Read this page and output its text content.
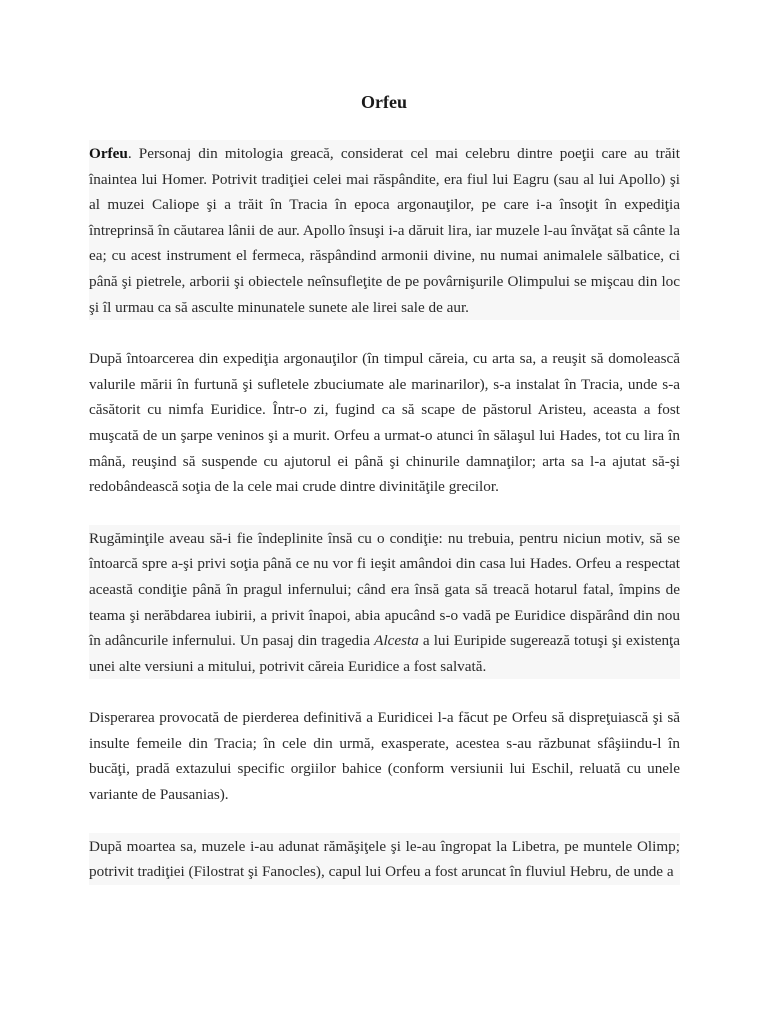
Orfeu

Orfeu. Personaj din mitologia greacă, considerat cel mai celebru dintre poeţii care au trăit înaintea lui Homer. Potrivit tradiţiei celei mai răspândite, era fiul lui Eagru (sau al lui Apollo) şi al muzei Caliope şi a trăit în Tracia în epoca argonauţilor, pe care i-a însoţit în expediţia întreprinsă în căutarea lânii de aur. Apollo însuşi i-a dăruit lira, iar muzele l-au învăţat să cânte la ea; cu acest instrument el fermeca, răspândind armonii divine, nu numai animalele sălbatice, ci până şi pietrele, arborii şi obiectele neînsufleţite de pe povârnişurile Olimpului se mişcau din loc şi îl urmau ca să asculte minunatele sunete ale lirei sale de aur.

După întoarcerea din expediţia argonauţilor (în timpul căreia, cu arta sa, a reuşit să domolească valurile mării în furtună şi sufletele zbuciumate ale marinarilor), s-a instalat în Tracia, unde s-a căsătorit cu nimfa Euridice. Într-o zi, fugind ca să scape de păstorul Aristeu, aceasta a fost muşcată de un şarpe veninos şi a murit. Orfeu a urmat-o atunci în sălaşul lui Hades, tot cu lira în mână, reuşind să suspende cu ajutorul ei până şi chinurile damnaţilor; arta sa l-a ajutat să-şi redobândească soţia de la cele mai crude dintre divinităţile grecilor.

Rugăminţile aveau să-i fie îndeplinite însă cu o condiţie: nu trebuia, pentru niciun motiv, să se întoarcă spre a-şi privi soţia până ce nu vor fi ieşit amândoi din casa lui Hades. Orfeu a respectat această condiţie până în pragul infernului; când era însă gata să treacă hotarul fatal, împins de teama şi nerăbdarea iubirii, a privit înapoi, abia apucând s-o vadă pe Euridice dispărând din nou în adâncurile infernului. Un pasaj din tragedia Alcesta a lui Euripide sugerează totuşi şi existenţa unei alte versiuni a mitului, potrivit căreia Euridice a fost salvată.

Disperarea provocată de pierderea definitivă a Euridicei l-a făcut pe Orfeu să dispreţuiască şi să insulte femeile din Tracia; în cele din urmă, exasperate, acestea s-au răzbunat sfâşiindu-l în bucăţi, pradă extazului specific orgiilor bahice (conform versiunii lui Eschil, reluată cu unele variante de Pausanias).

După moartea sa, muzele i-au adunat rămăşiţele şi le-au îngropat la Libetra, pe muntele Olimp; potrivit tradiţiei (Filostrat şi Fanocles), capul lui Orfeu a fost aruncat în fluviul Hebru, de unde a
